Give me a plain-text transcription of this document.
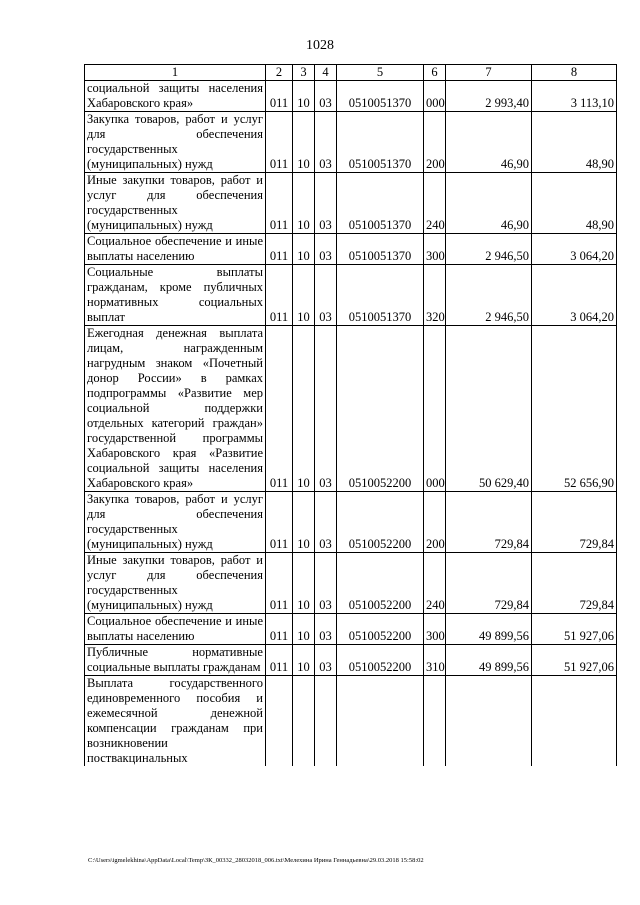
1028
1	2	3	4	5	6	7	8
социальной защиты населения Хабаровского края»	011	10	03	0510051370	000	2 993,40	3 113,10
Закупка товаров, работ и услуг для обеспечения государственных (муниципальных) нужд	011	10	03	0510051370	200	46,90	48,90
Иные закупки товаров, работ и услуг для обеспечения государственных (муниципальных) нужд	011	10	03	0510051370	240	46,90	48,90
Социальное обеспечение и иные выплаты населению	011	10	03	0510051370	300	2 946,50	3 064,20
Социальные выплаты гражданам, кроме публичных нормативных социальных выплат	011	10	03	0510051370	320	2 946,50	3 064,20
Ежегодная денежная выплата лицам, награжденным нагрудным знаком «Почетный донор России» в рамках подпрограммы «Развитие мер социальной поддержки отдельных категорий граждан» государственной программы Хабаровского края «Развитие социальной защиты населения Хабаровского края»	011	10	03	0510052200	000	50 629,40	52 656,90
Закупка товаров, работ и услуг для обеспечения государственных (муниципальных) нужд	011	10	03	0510052200	200	729,84	729,84
Иные закупки товаров, работ и услуг для обеспечения государственных (муниципальных) нужд	011	10	03	0510052200	240	729,84	729,84
Социальное обеспечение и иные выплаты населению	011	10	03	0510052200	300	49 899,56	51 927,06
Публичные нормативные социальные выплаты гражданам	011	10	03	0510052200	310	49 899,56	51 927,06
Выплата государственного единовременного пособия и ежемесячной денежной компенсации гражданам при возникновении поствакцинальных							
C:\Users\igmelekhina\AppData\Local\Temp\ЗК_00332_28032018_006.txt\Мелехина Ирина Геннадьевна\29.03.2018 15:58:02
